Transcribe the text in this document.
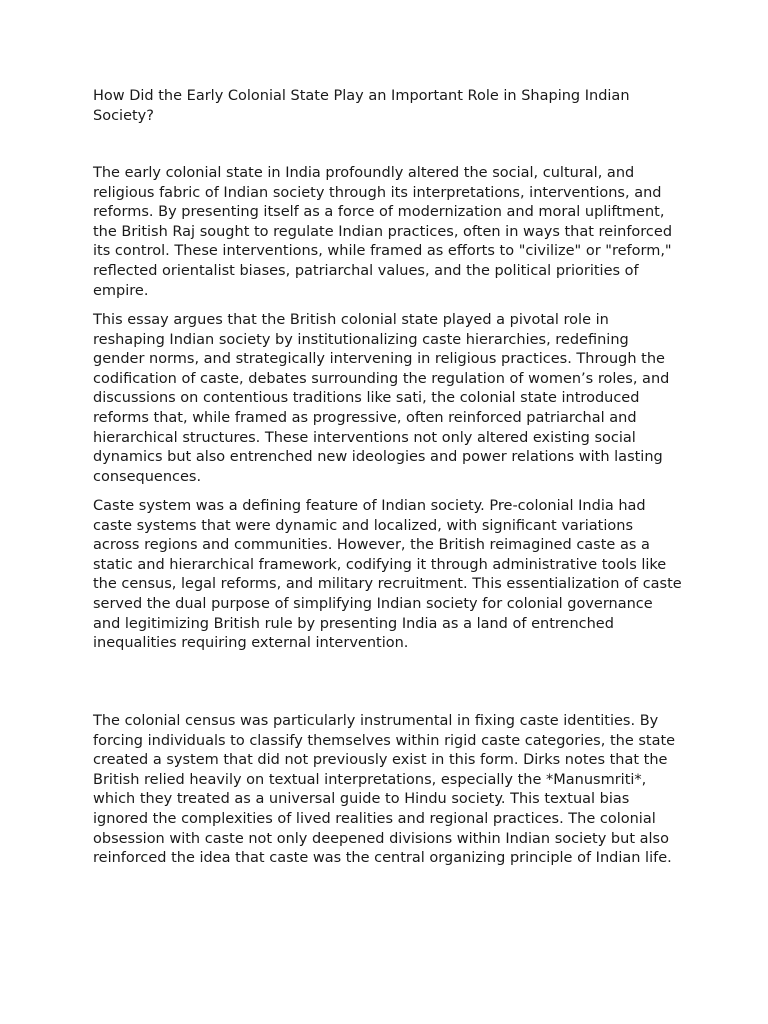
How Did the Early Colonial State Play an Important Role in Shaping Indian Society?

The early colonial state in India profoundly altered the social, cultural, and religious fabric of Indian society through its interpretations, interventions, and reforms. By presenting itself as a force of modernization and moral upliftment, the British Raj sought to regulate Indian practices, often in ways that reinforced its control. These interventions, while framed as efforts to "civilize" or "reform," reflected orientalist biases, patriarchal values, and the political priorities of empire.

This essay argues that the British colonial state played a pivotal role in reshaping Indian society by institutionalizing caste hierarchies, redefining gender norms, and strategically intervening in religious practices. Through the codification of caste, debates surrounding the regulation of women’s roles, and discussions on contentious traditions like sati, the colonial state introduced reforms that, while framed as progressive, often reinforced patriarchal and hierarchical structures. These interventions not only altered existing social dynamics but also entrenched new ideologies and power relations with lasting consequences.

Caste system was a defining feature of Indian society. Pre-colonial India had caste systems that were dynamic and localized, with significant variations across regions and communities. However, the British reimagined caste as a static and hierarchical framework, codifying it through administrative tools like the census, legal reforms, and military recruitment. This essentialization of caste served the dual purpose of simplifying Indian society for colonial governance and legitimizing British rule by presenting India as a land of entrenched inequalities requiring external intervention.

The colonial census was particularly instrumental in fixing caste identities. By forcing individuals to classify themselves within rigid caste categories, the state created a system that did not previously exist in this form. Dirks notes that the British relied heavily on textual interpretations, especially the *Manusmriti*, which they treated as a universal guide to Hindu society. This textual bias ignored the complexities of lived realities and regional practices. The colonial obsession with caste not only deepened divisions within Indian society but also reinforced the idea that caste was the central organizing principle of Indian life.
